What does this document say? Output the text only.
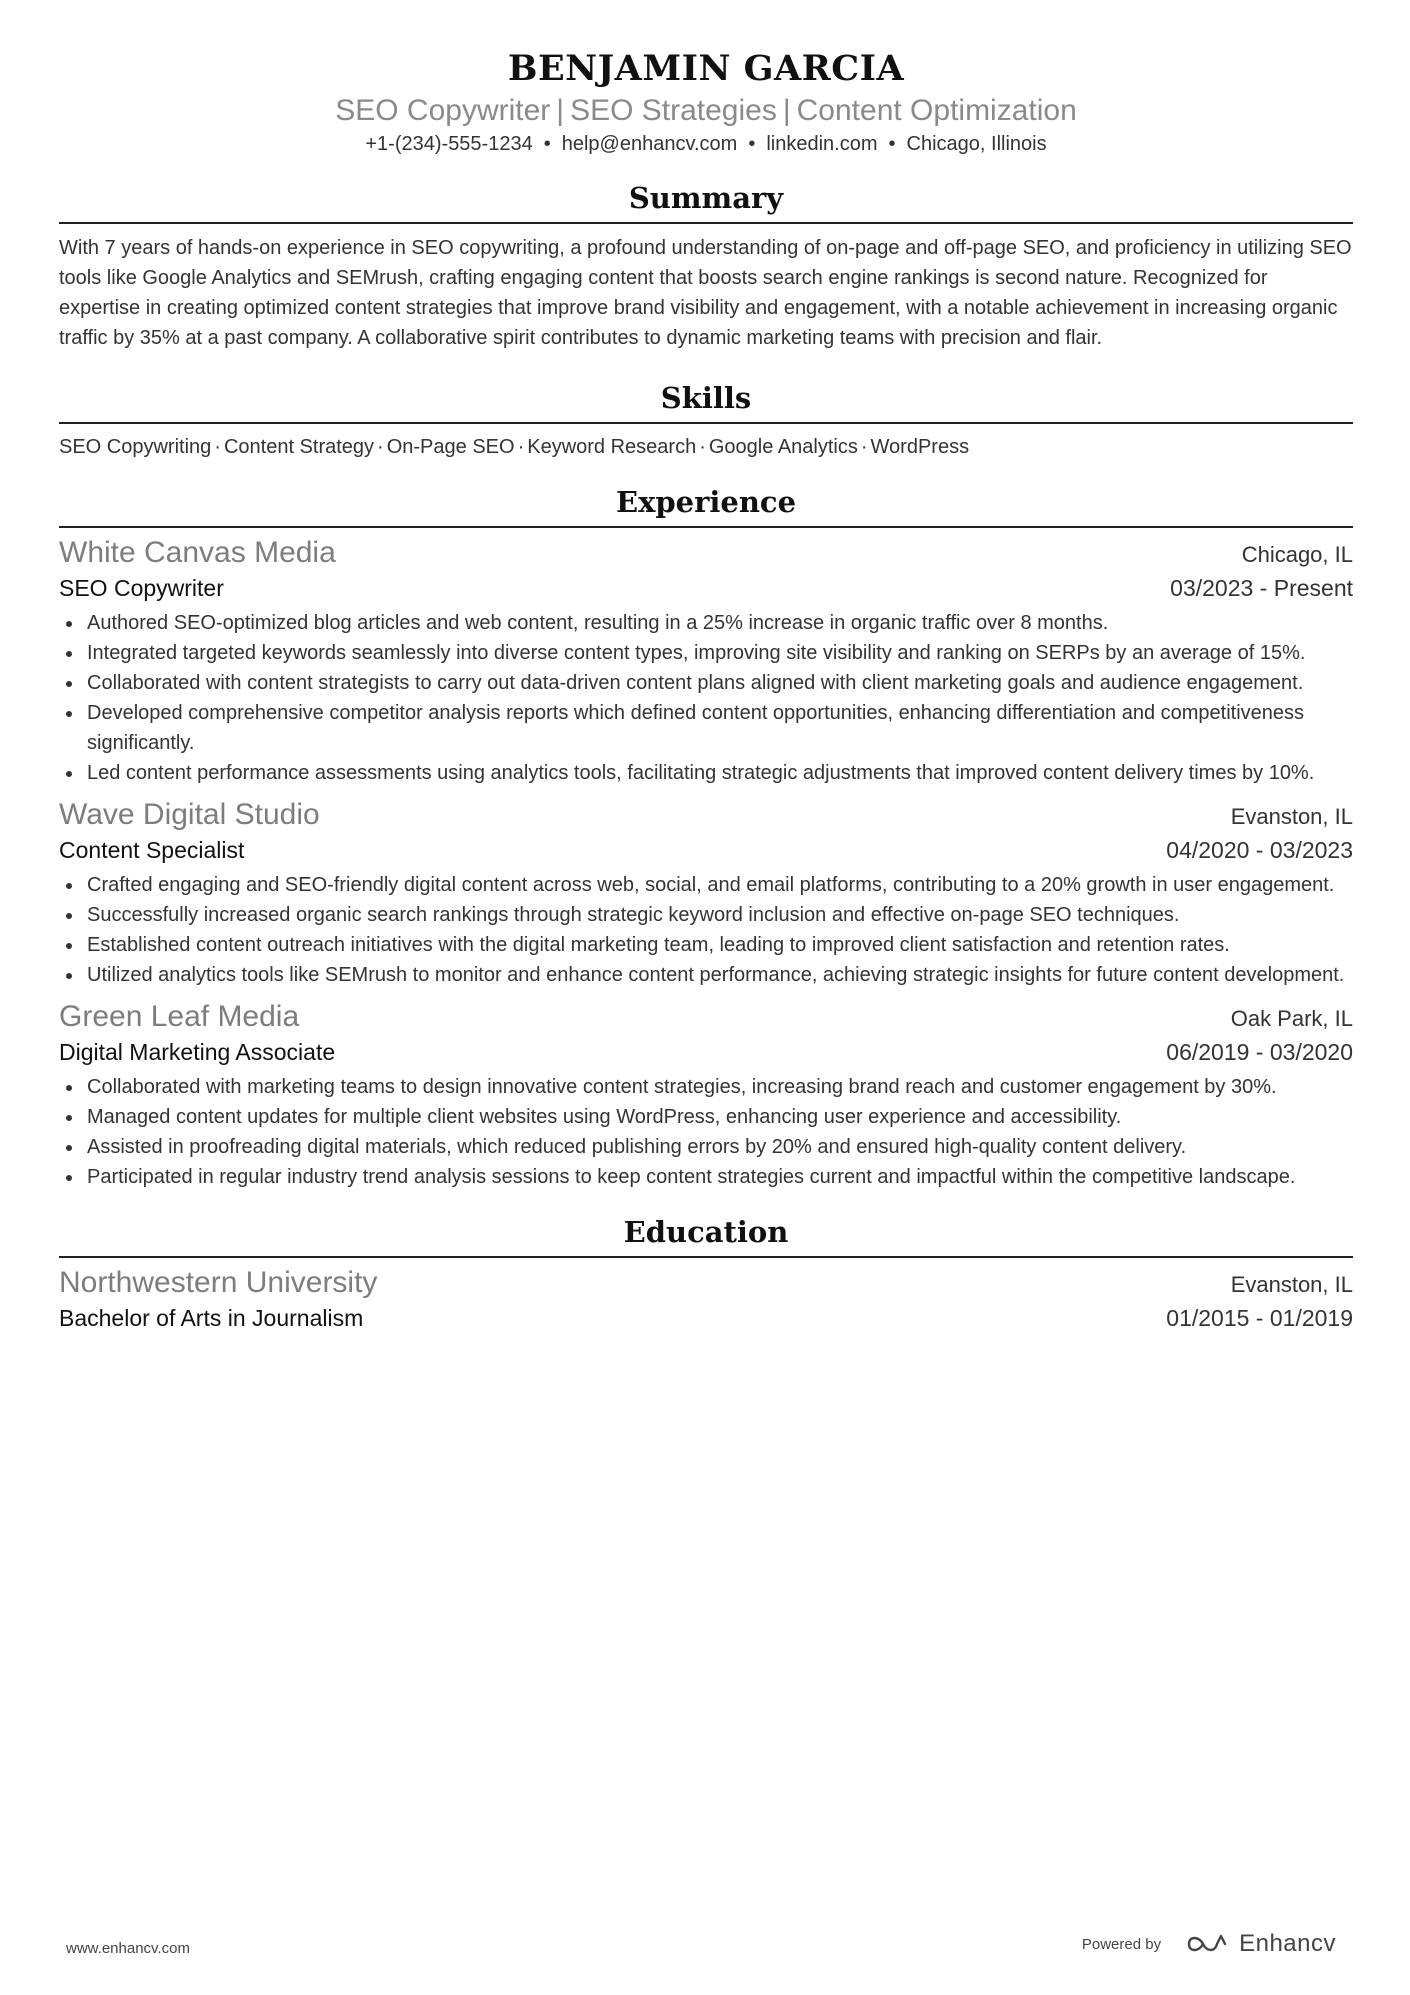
BENJAMIN GARCIA
SEO Copywriter | SEO Strategies | Content Optimization
+1-(234)-555-1234 • help@enhancv.com • linkedin.com • Chicago, Illinois
Summary
With 7 years of hands-on experience in SEO copywriting, a profound understanding of on-page and off-page SEO, and proficiency in utilizing SEO tools like Google Analytics and SEMrush, crafting engaging content that boosts search engine rankings is second nature. Recognized for expertise in creating optimized content strategies that improve brand visibility and engagement, with a notable achievement in increasing organic traffic by 35% at a past company. A collaborative spirit contributes to dynamic marketing teams with precision and flair.
Skills
SEO Copywriting · Content Strategy · On-Page SEO · Keyword Research · Google Analytics · WordPress
Experience
White Canvas Media	Chicago, IL
SEO Copywriter	03/2023 - Present
Authored SEO-optimized blog articles and web content, resulting in a 25% increase in organic traffic over 8 months.
Integrated targeted keywords seamlessly into diverse content types, improving site visibility and ranking on SERPs by an average of 15%.
Collaborated with content strategists to carry out data-driven content plans aligned with client marketing goals and audience engagement.
Developed comprehensive competitor analysis reports which defined content opportunities, enhancing differentiation and competitiveness significantly.
Led content performance assessments using analytics tools, facilitating strategic adjustments that improved content delivery times by 10%.
Wave Digital Studio	Evanston, IL
Content Specialist	04/2020 - 03/2023
Crafted engaging and SEO-friendly digital content across web, social, and email platforms, contributing to a 20% growth in user engagement.
Successfully increased organic search rankings through strategic keyword inclusion and effective on-page SEO techniques.
Established content outreach initiatives with the digital marketing team, leading to improved client satisfaction and retention rates.
Utilized analytics tools like SEMrush to monitor and enhance content performance, achieving strategic insights for future content development.
Green Leaf Media	Oak Park, IL
Digital Marketing Associate	06/2019 - 03/2020
Collaborated with marketing teams to design innovative content strategies, increasing brand reach and customer engagement by 30%.
Managed content updates for multiple client websites using WordPress, enhancing user experience and accessibility.
Assisted in proofreading digital materials, which reduced publishing errors by 20% and ensured high-quality content delivery.
Participated in regular industry trend analysis sessions to keep content strategies current and impactful within the competitive landscape.
Education
Northwestern University	Evanston, IL
Bachelor of Arts in Journalism	01/2015 - 01/2019
www.enhancv.com	Powered by	Enhancv
